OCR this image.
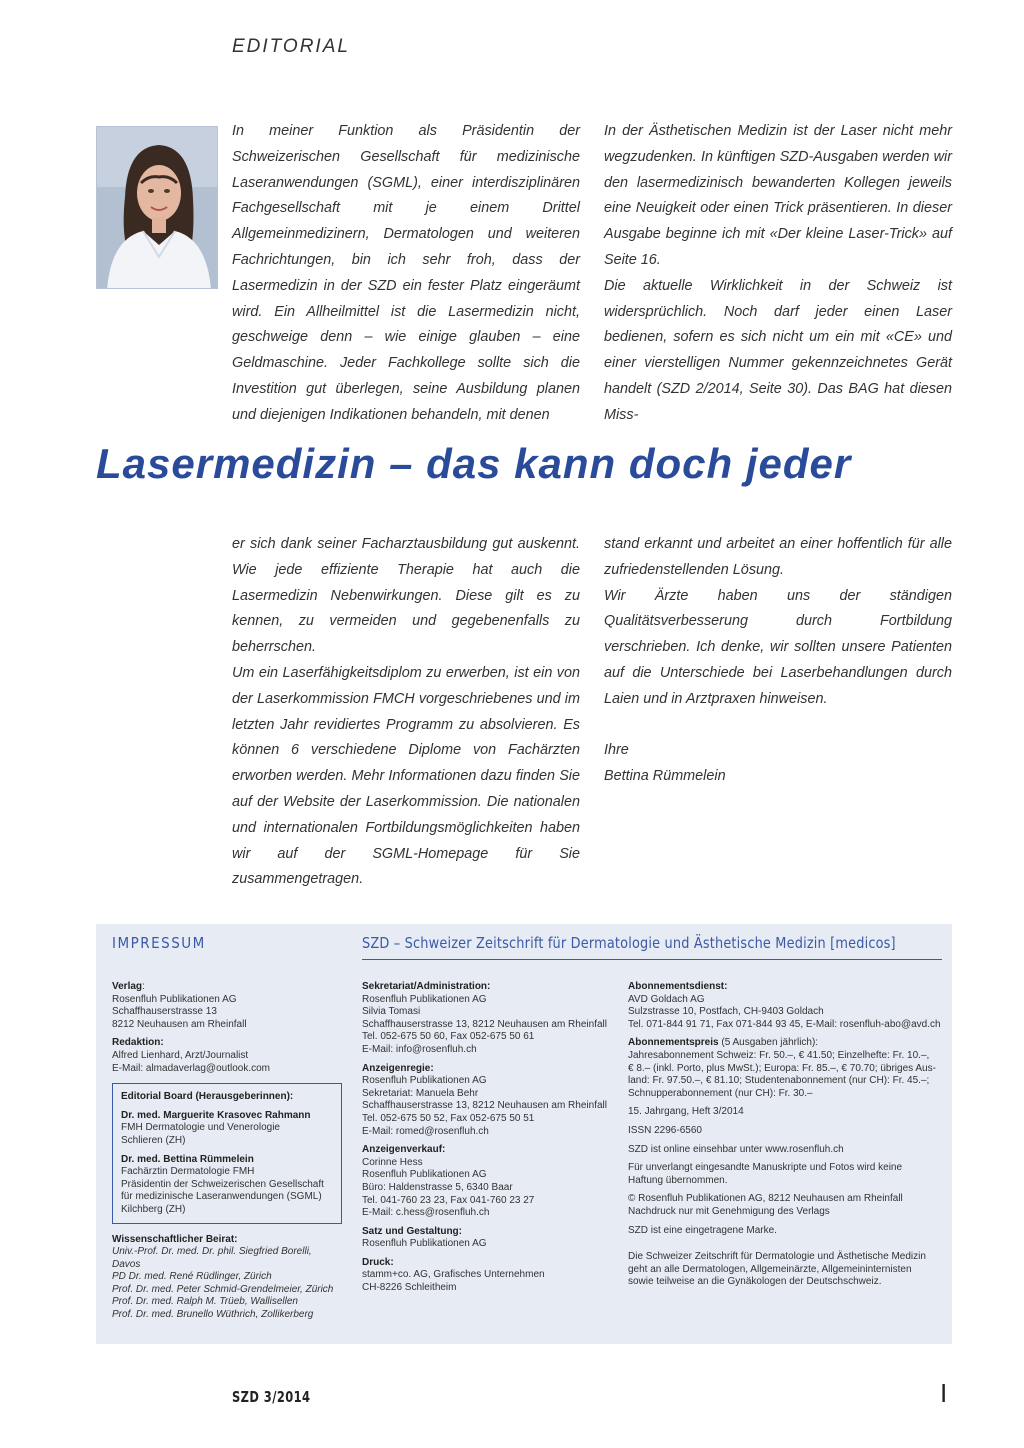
EDITORIAL

In meiner Funktion als Präsidentin der Schweizerischen Gesellschaft für medizinische Laseranwendungen (SGML), einer interdisziplinären Fachgesellschaft mit je einem Drittel Allgemeinmedizinern, Dermatologen und weiteren Fachrichtungen, bin ich sehr froh, dass der Lasermedizin in der SZD ein fester Platz eingeräumt wird. Ein Allheilmittel ist die Lasermedizin nicht, geschweige denn – wie einige glauben – eine Geldmaschine. Jeder Fachkollege sollte sich die Investition gut überlegen, seine Ausbildung planen und diejenigen Indikationen behandeln, mit denen

In der Ästhetischen Medizin ist der Laser nicht mehr wegzudenken. In künftigen SZD-Ausgaben werden wir den lasermedizinisch bewanderten Kollegen jeweils eine Neuigkeit oder einen Trick präsentieren. In dieser Ausgabe beginne ich mit «Der kleine Laser-Trick» auf Seite 16.

Die aktuelle Wirklichkeit in der Schweiz ist widersprüchlich. Noch darf jeder einen Laser bedienen, sofern es sich nicht um ein mit «CE» und einer vierstelligen Nummer gekennzeichnetes Gerät handelt (SZD 2/2014, Seite 30). Das BAG hat diesen Miss-

Lasermedizin – das kann doch jeder

er sich dank seiner Facharztausbildung gut auskennt. Wie jede effiziente Therapie hat auch die Lasermedizin Nebenwirkungen. Diese gilt es zu kennen, zu vermeiden und gegebenenfalls zu beherrschen.

Um ein Laserfähigkeitsdiplom zu erwerben, ist ein von der Laserkommission FMCH vorgeschriebenes und im letzten Jahr revidiertes Programm zu absolvieren. Es können 6 verschiedene Diplome von Fachärzten erworben werden. Mehr Informationen dazu finden Sie auf der Website der Laserkommission. Die nationalen und internationalen Fortbildungsmöglichkeiten haben wir auf der SGML-Homepage für Sie zusammengetragen.

stand erkannt und arbeitet an einer hoffentlich für alle zufriedenstellenden Lösung.

Wir Ärzte haben uns der ständigen Qualitätsverbesserung durch Fortbildung verschrieben. Ich denke, wir sollten unsere Patienten auf die Unterschiede bei Laserbehandlungen durch Laien und in Arztpraxen hinweisen.

Ihre

Bettina Rümmelein

IMPRESSUM	SZD – Schweizer Zeitschrift für Dermatologie und Ästhetische Medizin [medicos]
Verlag:
Rosenfluh Publikationen AG
Schaffhauserstrasse 13
8212 Neuhausen am Rheinfall
Redaktion:
Alfred Lienhard, Arzt/Journalist
E-Mail: almadaverlag@outlook.com
Editorial Board (Herausgeberinnen):
Dr. med. Marguerite Krasovec Rahmann
FMH Dermatologie und Venerologie
Schlieren (ZH)
Dr. med. Bettina Rümmelein
Fachärztin Dermatologie FMH
Präsidentin der Schweizerischen Gesellschaft
für medizinische Laseranwendungen (SGML)
Kilchberg (ZH)
Wissenschaftlicher Beirat:
Univ.-Prof. Dr. med. Dr. phil. Siegfried Borelli, Davos
PD Dr. med. René Rüdlinger, Zürich
Prof. Dr. med. Peter Schmid-Grendelmeier, Zürich
Prof. Dr. med. Ralph M. Trüeb, Wallisellen
Prof. Dr. med. Brunello Wüthrich, Zollikerberg
Sekretariat/Administration:
Rosenfluh Publikationen AG
Silvia Tomasi
Schaffhauserstrasse 13, 8212 Neuhausen am Rheinfall
Tel. 052-675 50 60, Fax 052-675 50 61
E-Mail: info@rosenfluh.ch
Anzeigenregie:
Rosenfluh Publikationen AG
Sekretariat: Manuela Behr
Schaffhauserstrasse 13, 8212 Neuhausen am Rheinfall
Tel. 052-675 50 52, Fax 052-675 50 51
E-Mail: romed@rosenfluh.ch
Anzeigenverkauf:
Corinne Hess
Rosenfluh Publikationen AG
Büro: Haldenstrasse 5, 6340 Baar
Tel. 041-760 23 23, Fax 041-760 23 27
E-Mail: c.hess@rosenfluh.ch
Satz und Gestaltung:
Rosenfluh Publikationen AG
Druck:
stamm+co. AG, Grafisches Unternehmen
CH-8226 Schleitheim
Abonnementsdienst:
AVD Goldach AG
Sulzstrasse 10, Postfach, CH-9403 Goldach
Tel. 071-844 91 71, Fax 071-844 93 45, E-Mail: rosenfluh-abo@avd.ch
Abonnementspreis (5 Ausgaben jährlich):
Jahresabonnement Schweiz: Fr. 50.–, € 41.50; Einzelhefte: Fr. 10.–,
€ 8.– (inkl. Porto, plus MwSt.); Europa: Fr. 85.–, € 70.70; übriges Aus-
land: Fr. 97.50.–, € 81.10; Studentenabonnement (nur CH): Fr. 45.–;
Schnupperabonnement (nur CH): Fr. 30.–
15. Jahrgang, Heft 3/2014
ISSN 2296-6560
SZD ist online einsehbar unter www.rosenfluh.ch
Für unverlangt eingesandte Manuskripte und Fotos wird keine
Haftung übernommen.
© Rosenfluh Publikationen AG, 8212 Neuhausen am Rheinfall
Nachdruck nur mit Genehmigung des Verlags
SZD ist eine eingetragene Marke.
Die Schweizer Zeitschrift für Dermatologie und Ästhetische Medizin
geht an alle Dermatologen, Allgemeinärzte, Allgemeininternisten
sowie teilweise an die Gynäkologen der Deutschschweiz.
SZD 3/2014	I
